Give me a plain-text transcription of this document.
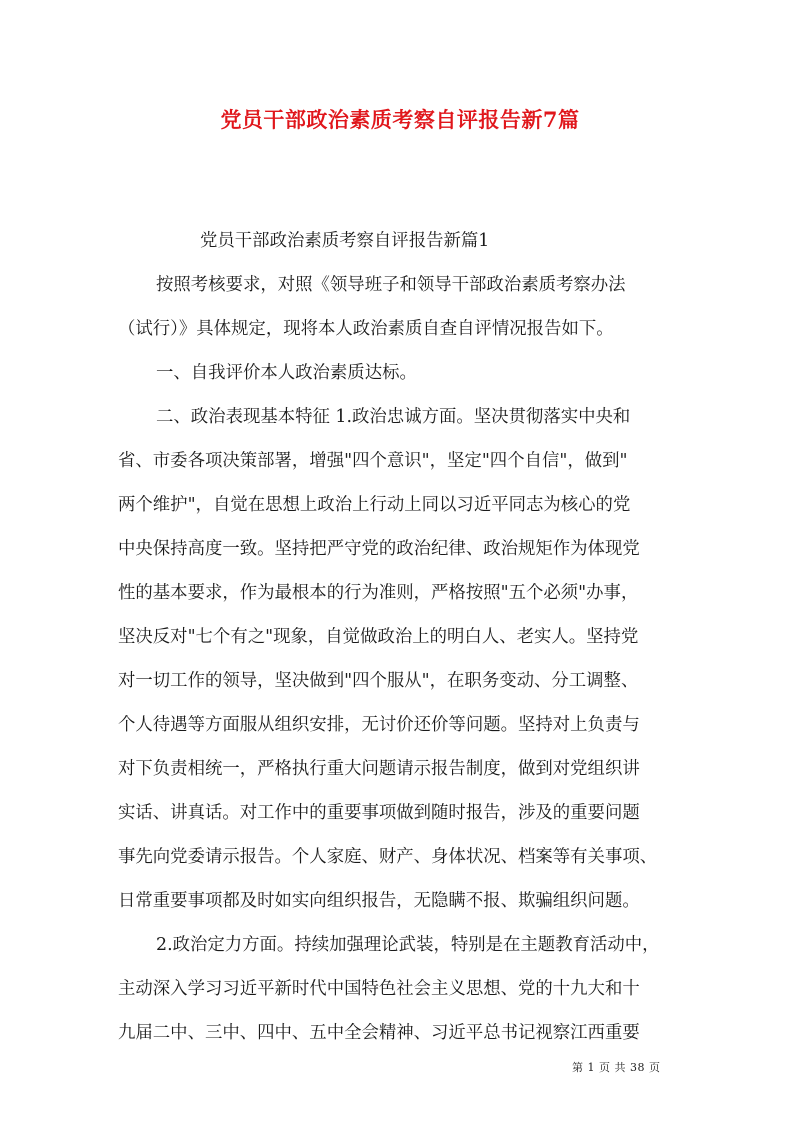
党员干部政治素质考察自评报告新7篇
党员干部政治素质考察自评报告新篇1
按照考核要求，对照《领导班子和领导干部政治素质考察办法
（试行）》具体规定，现将本人政治素质自查自评情况报告如下。
一、自我评价本人政治素质达标。
二、政治表现基本特征 1.政治忠诚方面。坚决贯彻落实中央和
省、市委各项决策部署，增强"四个意识"，坚定"四个自信"，做到"
两个维护"，自觉在思想上政治上行动上同以习近平同志为核心的党
中央保持高度一致。坚持把严守党的政治纪律、政治规矩作为体现党
性的基本要求，作为最根本的行为准则，严格按照"五个必须"办事，
坚决反对"七个有之"现象，自觉做政治上的明白人、老实人。坚持党
对一切工作的领导，坚决做到"四个服从"，在职务变动、分工调整、
个人待遇等方面服从组织安排，无讨价还价等问题。坚持对上负责与
对下负责相统一，严格执行重大问题请示报告制度，做到对党组织讲
实话、讲真话。对工作中的重要事项做到随时报告，涉及的重要问题
事先向党委请示报告。个人家庭、财产、身体状况、档案等有关事项、
日常重要事项都及时如实向组织报告，无隐瞒不报、欺骗组织问题。
2.政治定力方面。持续加强理论武装，特别是在主题教育活动中，
主动深入学习习近平新时代中国特色社会主义思想、党的十九大和十
九届二中、三中、四中、五中全会精神、习近平总书记视察江西重要
第 1 页 共 38 页
